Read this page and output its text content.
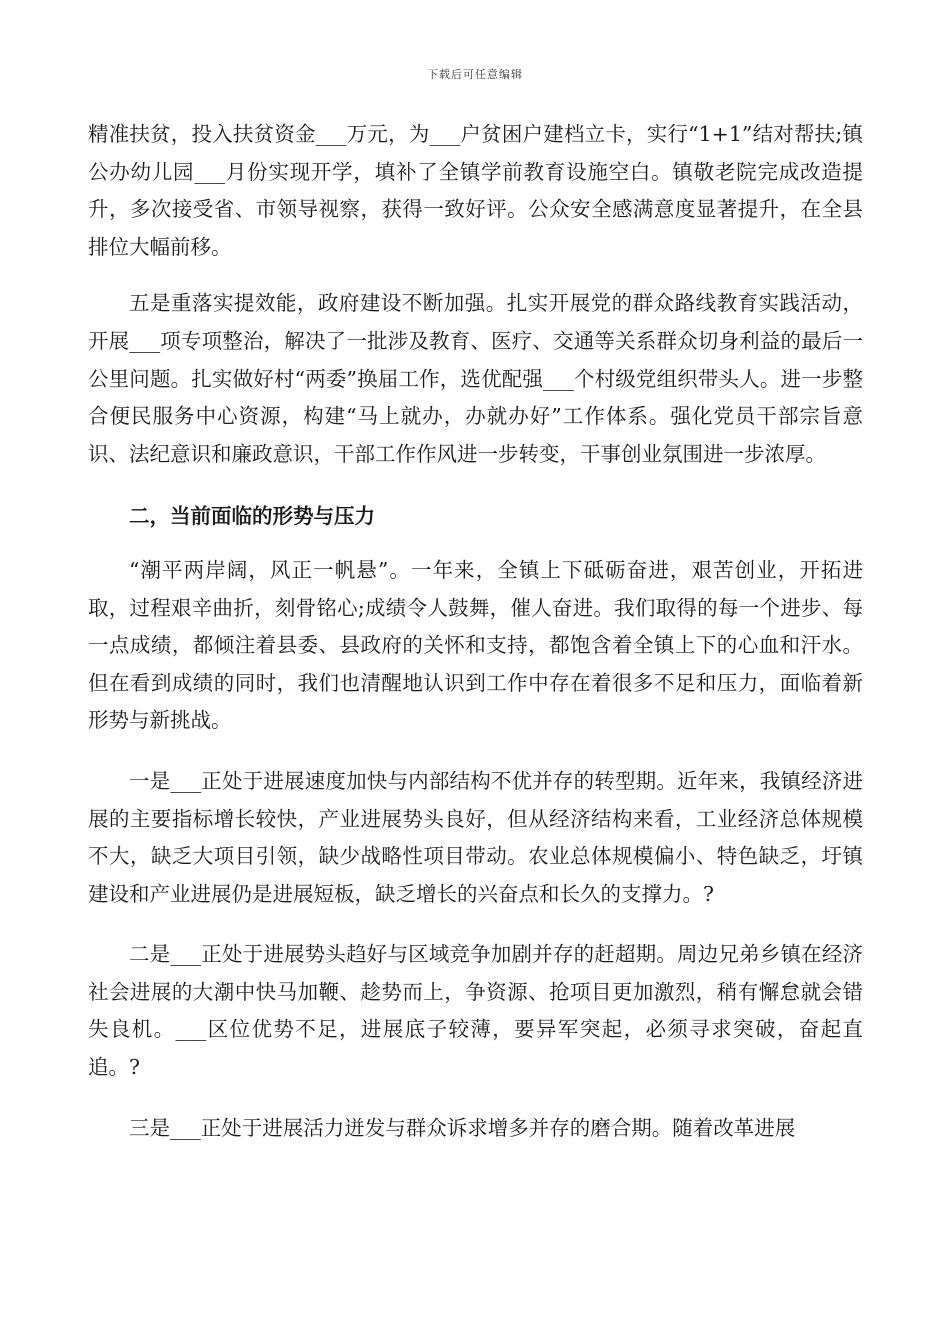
下载后可任意编辑

精准扶贫，投入扶贫资金___万元，为___户贫困户建档立卡，实行“1+1”结对帮扶;镇公办幼儿园___月份实现开学，填补了全镇学前教育设施空白。镇敬老院完成改造提升，多次接受省、市领导视察，获得一致好评。公众安全感满意度显著提升，在全县排位大幅前移。

五是重落实提效能，政府建设不断加强。扎实开展党的群众路线教育实践活动，开展___项专项整治，解决了一批涉及教育、医疗、交通等关系群众切身利益的最后一公里问题。扎实做好村“两委”换届工作，选优配强___个村级党组织带头人。进一步整合便民服务中心资源，构建“马上就办，办就办好”工作体系。强化党员干部宗旨意识、法纪意识和廉政意识，干部工作作风进一步转变，干事创业氛围进一步浓厚。

二，当前面临的形势与压力

“潮平两岸阔，风正一帆悬”。一年来，全镇上下砥砺奋进，艰苦创业，开拓进取，过程艰辛曲折，刻骨铭心;成绩令人鼓舞，催人奋进。我们取得的每一个进步、每一点成绩，都倾注着县委、县政府的关怀和支持，都饱含着全镇上下的心血和汗水。但在看到成绩的同时，我们也清醒地认识到工作中存在着很多不足和压力，面临着新形势与新挑战。

一是___正处于进展速度加快与内部结构不优并存的转型期。近年来，我镇经济进展的主要指标增长较快，产业进展势头良好，但从经济结构来看，工业经济总体规模不大，缺乏大项目引领，缺少战略性项目带动。农业总体规模偏小、特色缺乏，圩镇建设和产业进展仍是进展短板，缺乏增长的兴奋点和长久的支撑力。?

二是___正处于进展势头趋好与区域竞争加剧并存的赶超期。周边兄弟乡镇在经济社会进展的大潮中快马加鞭、趁势而上，争资源、抢项目更加激烈，稍有懈怠就会错失良机。___区位优势不足，进展底子较薄，要异军突起，必须寻求突破，奋起直追。?

三是___正处于进展活力迸发与群众诉求增多并存的磨合期。随着改革进展
